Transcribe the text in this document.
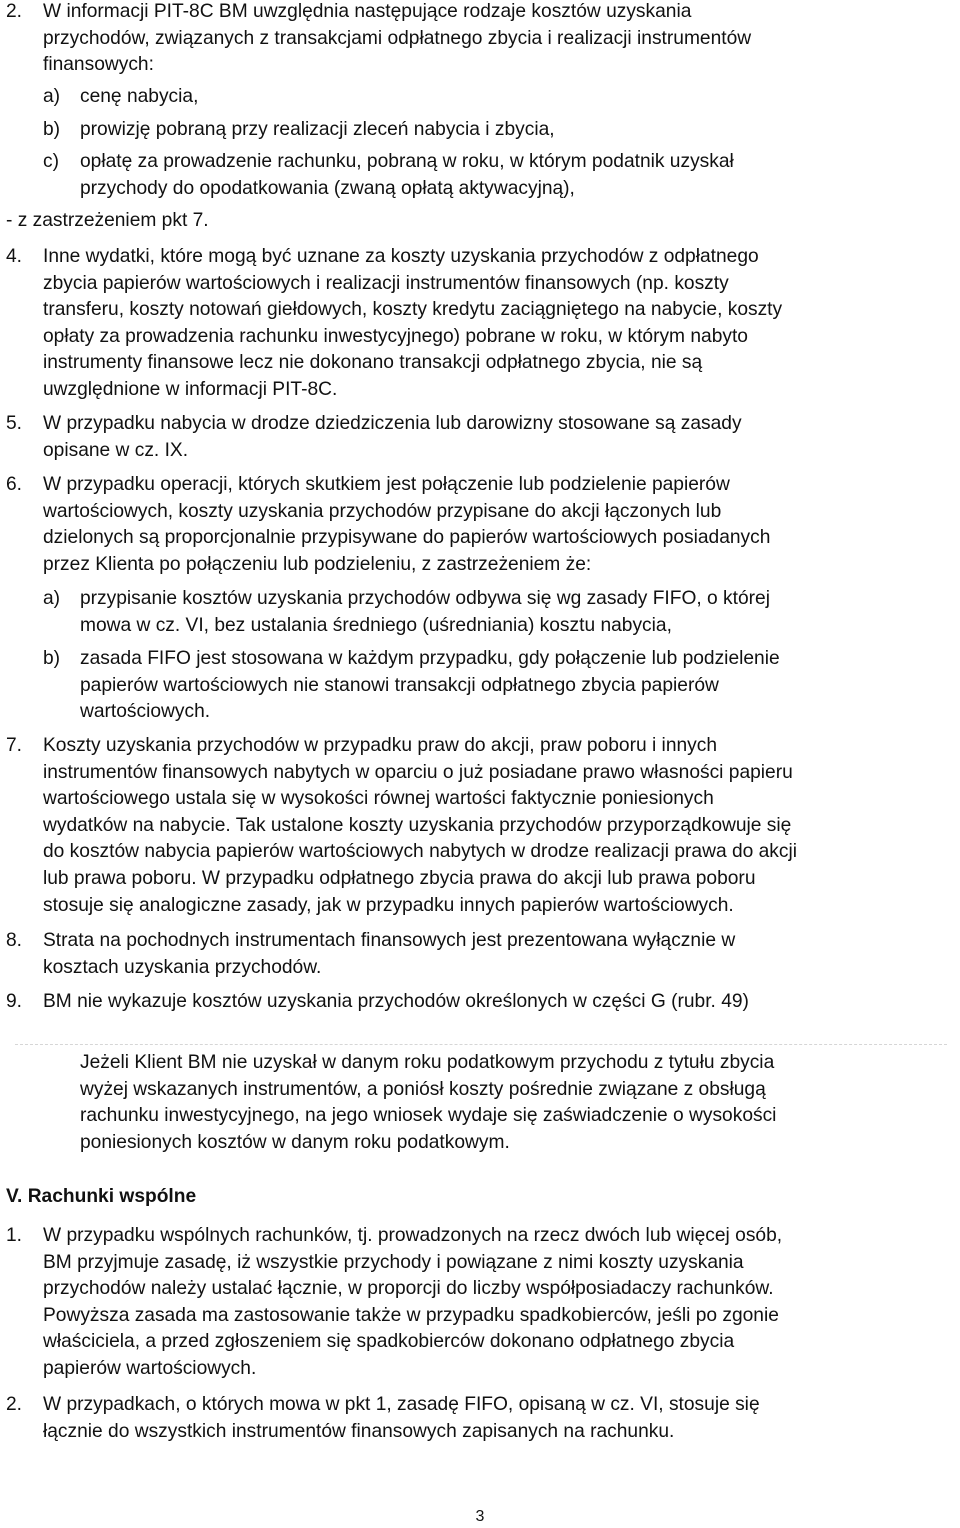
2. W informacji PIT-8C BM uwzględnia następujące rodzaje kosztów uzyskania
przychodów, związanych z transakcjami odpłatnego zbycia i realizacji instrumentów
finansowych:
a) cenę nabycia,
b) prowizję pobraną przy realizacji zleceń nabycia i zbycia,
c) opłatę za prowadzenie rachunku, pobraną w roku, w którym podatnik uzyskał
przychody do opodatkowania (zwaną opłatą aktywacyjną),
- z zastrzeżeniem pkt 7.
4. Inne wydatki, które mogą być uznane za koszty uzyskania przychodów z odpłatnego
zbycia papierów wartościowych i realizacji instrumentów finansowych (np. koszty
transferu, koszty notowań giełdowych, koszty kredytu zaciągniętego na nabycie, koszty
opłaty za prowadzenia rachunku inwestycyjnego) pobrane w roku, w którym nabyto
instrumenty finansowe lecz nie dokonano transakcji odpłatnego zbycia, nie są
uwzględnione w informacji PIT-8C.
5. W przypadku nabycia w drodze dziedziczenia lub darowizny stosowane są zasady
opisane w cz. IX.
6. W przypadku operacji, których skutkiem jest połączenie lub podzielenie papierów
wartościowych, koszty uzyskania przychodów przypisane do akcji łączonych lub
dzielonych są proporcjonalnie przypisywane do papierów wartościowych posiadanych
przez Klienta po połączeniu lub podzieleniu, z zastrzeżeniem że:
a) przypisanie kosztów uzyskania przychodów odbywa się wg zasady FIFO, o której
mowa w cz. VI, bez ustalania średniego (uśredniania) kosztu nabycia,
b) zasada FIFO jest stosowana w każdym przypadku, gdy połączenie lub podzielenie
papierów wartościowych nie stanowi transakcji odpłatnego zbycia papierów
wartościowych.
7. Koszty uzyskania przychodów w przypadku praw do akcji, praw poboru i innych
instrumentów finansowych nabytych w oparciu o już posiadane prawo własności papieru
wartościowego ustala się w wysokości równej wartości faktycznie poniesionych
wydatków na nabycie. Tak ustalone koszty uzyskania przychodów przyporządkowuje się
do kosztów nabycia papierów wartościowych nabytych w drodze realizacji prawa do akcji
lub prawa poboru. W przypadku odpłatnego zbycia prawa do akcji lub prawa poboru
stosuje się analogiczne zasady, jak w przypadku innych papierów wartościowych.
8. Strata na pochodnych instrumentach finansowych jest prezentowana wyłącznie w
kosztach uzyskania przychodów.
9. BM nie wykazuje kosztów uzyskania przychodów określonych w części G (rubr. 49)
Jeżeli Klient BM nie uzyskał w danym roku podatkowym przychodu z tytułu zbycia
wyżej wskazanych instrumentów, a poniósł koszty pośrednie związane z obsługą
rachunku inwestycyjnego, na jego wniosek wydaje się zaświadczenie o wysokości
poniesionych kosztów w danym roku podatkowym.
V. Rachunki wspólne
1. W przypadku wspólnych rachunków, tj. prowadzonych na rzecz dwóch lub więcej osób,
BM przyjmuje zasadę, iż wszystkie przychody i powiązane z nimi koszty uzyskania
przychodów należy ustalać łącznie, w proporcji do liczby współposiadaczy rachunków.
Powyższa zasada ma zastosowanie także w przypadku spadkobierców, jeśli po zgonie
właściciela, a przed zgłoszeniem się spadkobierców dokonano odpłatnego zbycia
papierów wartościowych.
2. W przypadkach, o których mowa w pkt 1, zasadę FIFO, opisaną w cz. VI, stosuje się
łącznie do wszystkich instrumentów finansowych zapisanych na rachunku.
3
